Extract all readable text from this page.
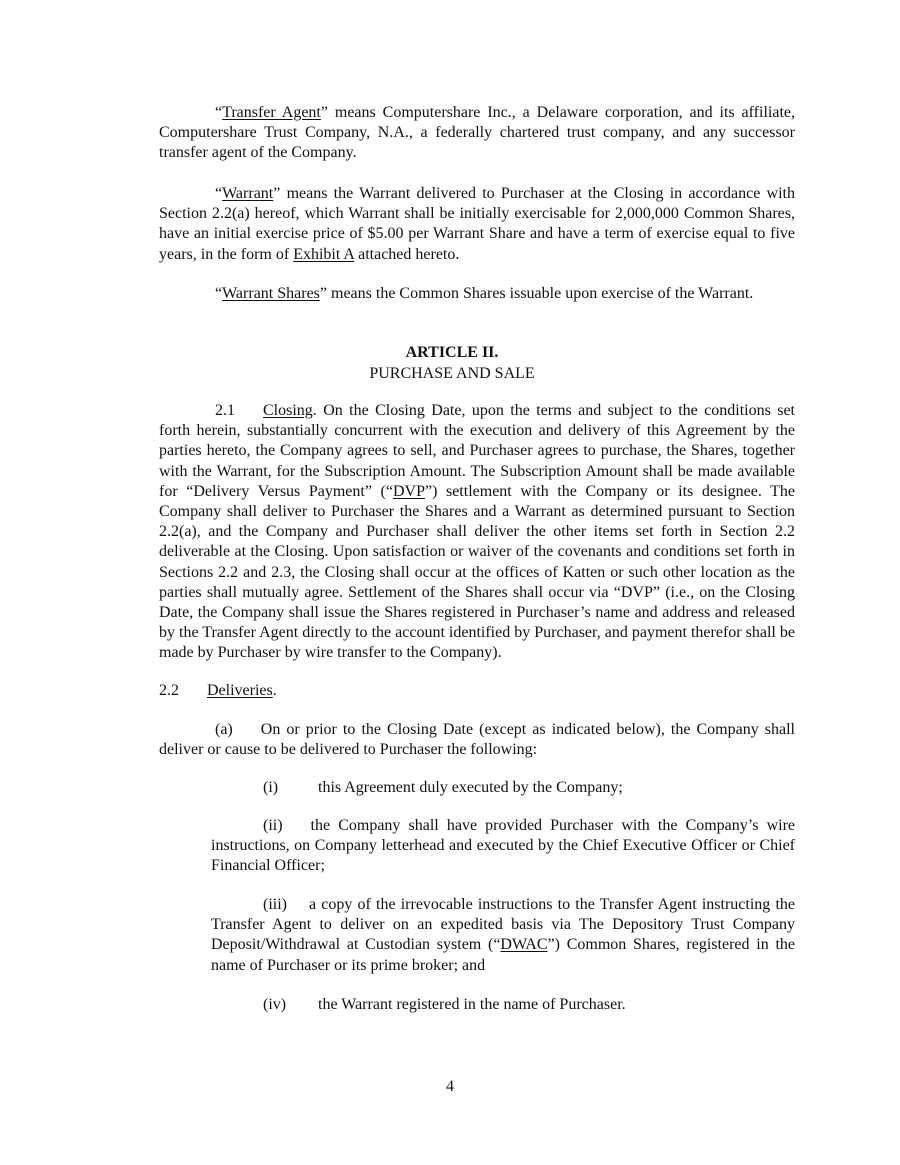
“Transfer Agent” means Computershare Inc., a Delaware corporation, and its affiliate, Computershare Trust Company, N.A., a federally chartered trust company, and any successor transfer agent of the Company.

“Warrant” means the Warrant delivered to Purchaser at the Closing in accordance with Section 2.2(a) hereof, which Warrant shall be initially exercisable for 2,000,000 Common Shares, have an initial exercise price of $5.00 per Warrant Share and have a term of exercise equal to five years, in the form of Exhibit A attached hereto.

“Warrant Shares” means the Common Shares issuable upon exercise of the Warrant.

ARTICLE II.
PURCHASE AND SALE

2.1 Closing. On the Closing Date, upon the terms and subject to the conditions set forth herein, substantially concurrent with the execution and delivery of this Agreement by the parties hereto, the Company agrees to sell, and Purchaser agrees to purchase, the Shares, together with the Warrant, for the Subscription Amount. The Subscription Amount shall be made available for “Delivery Versus Payment” (“DVP”) settlement with the Company or its designee. The Company shall deliver to Purchaser the Shares and a Warrant as determined pursuant to Section 2.2(a), and the Company and Purchaser shall deliver the other items set forth in Section 2.2 deliverable at the Closing. Upon satisfaction or waiver of the covenants and conditions set forth in Sections 2.2 and 2.3, the Closing shall occur at the offices of Katten or such other location as the parties shall mutually agree. Settlement of the Shares shall occur via “DVP” (i.e., on the Closing Date, the Company shall issue the Shares registered in Purchaser’s name and address and released by the Transfer Agent directly to the account identified by Purchaser, and payment therefor shall be made by Purchaser by wire transfer to the Company).

2.2 Deliveries.

(a) On or prior to the Closing Date (except as indicated below), the Company shall deliver or cause to be delivered to Purchaser the following:

(i) this Agreement duly executed by the Company;

(ii) the Company shall have provided Purchaser with the Company’s wire instructions, on Company letterhead and executed by the Chief Executive Officer or Chief Financial Officer;

(iii) a copy of the irrevocable instructions to the Transfer Agent instructing the Transfer Agent to deliver on an expedited basis via The Depository Trust Company Deposit/Withdrawal at Custodian system (“DWAC”) Common Shares, registered in the name of Purchaser or its prime broker; and

(iv) the Warrant registered in the name of Purchaser.
4
